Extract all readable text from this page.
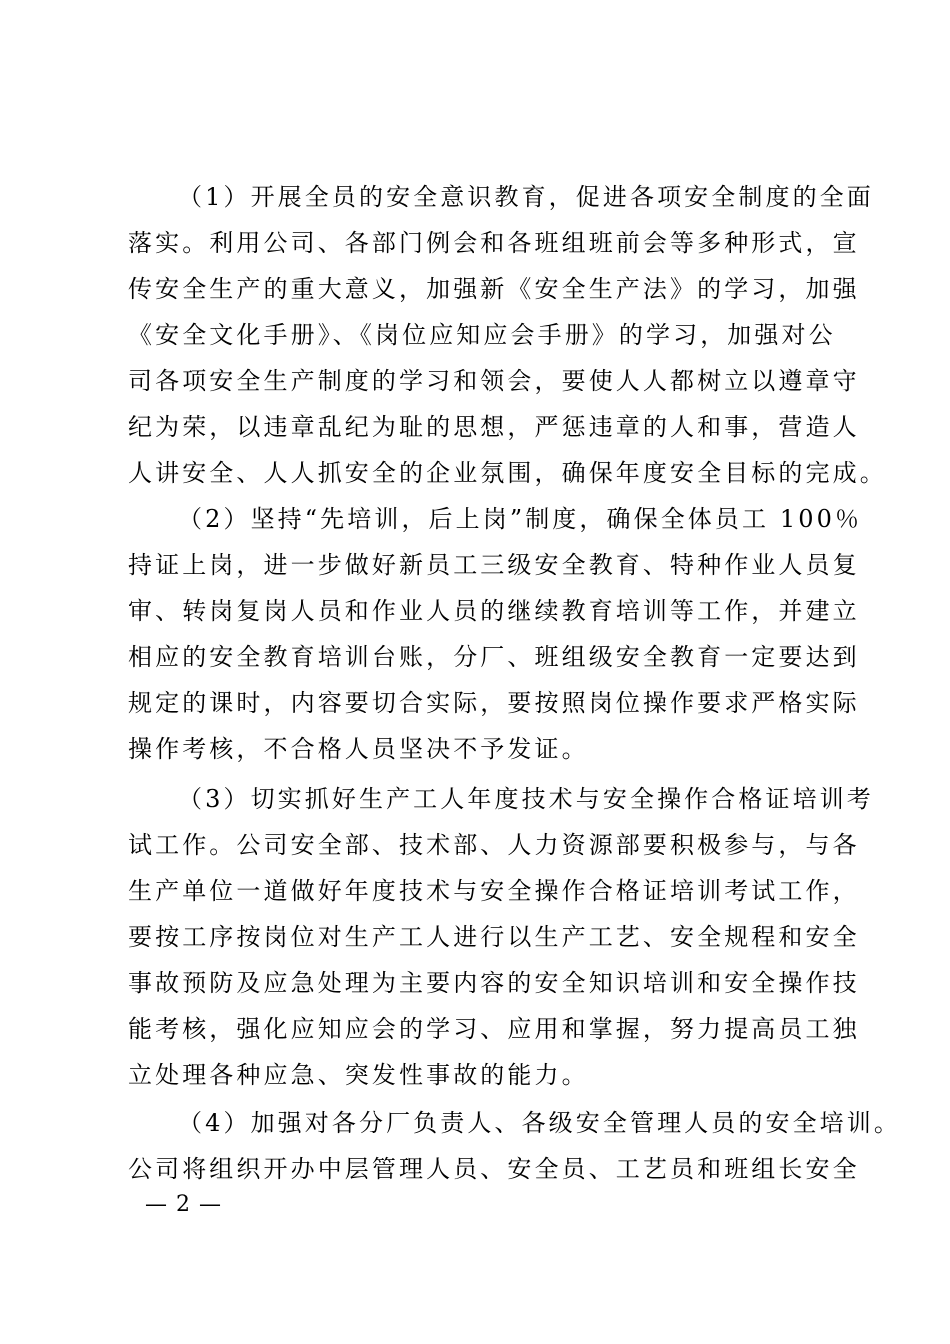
（1）开展全员的安全意识教育，促进各项安全制度的全面
落实。利用公司、各部门例会和各班组班前会等多种形式，宣
传安全生产的重大意义，加强新《安全生产法》的学习，加强
《安全文化手册》、《岗位应知应会手册》的学习，加强对公
司各项安全生产制度的学习和领会，要使人人都树立以遵章守
纪为荣，以违章乱纪为耻的思想，严惩违章的人和事，营造人
人讲安全、人人抓安全的企业氛围，确保年度安全目标的完成。
（2）坚持“先培训，后上岗”制度，确保全体员工 100％
持证上岗，进一步做好新员工三级安全教育、特种作业人员复
审、转岗复岗人员和作业人员的继续教育培训等工作，并建立
相应的安全教育培训台账，分厂、班组级安全教育一定要达到
规定的课时，内容要切合实际，要按照岗位操作要求严格实际
操作考核，不合格人员坚决不予发证。
（3）切实抓好生产工人年度技术与安全操作合格证培训考
试工作。公司安全部、技术部、人力资源部要积极参与，与各
生产单位一道做好年度技术与安全操作合格证培训考试工作，
要按工序按岗位对生产工人进行以生产工艺、安全规程和安全
事故预防及应急处理为主要内容的安全知识培训和安全操作技
能考核，强化应知应会的学习、应用和掌握，努力提高员工独
立处理各种应急、突发性事故的能力。
（4）加强对各分厂负责人、各级安全管理人员的安全培训。
公司将组织开办中层管理人员、安全员、工艺员和班组长安全
— 2 —
